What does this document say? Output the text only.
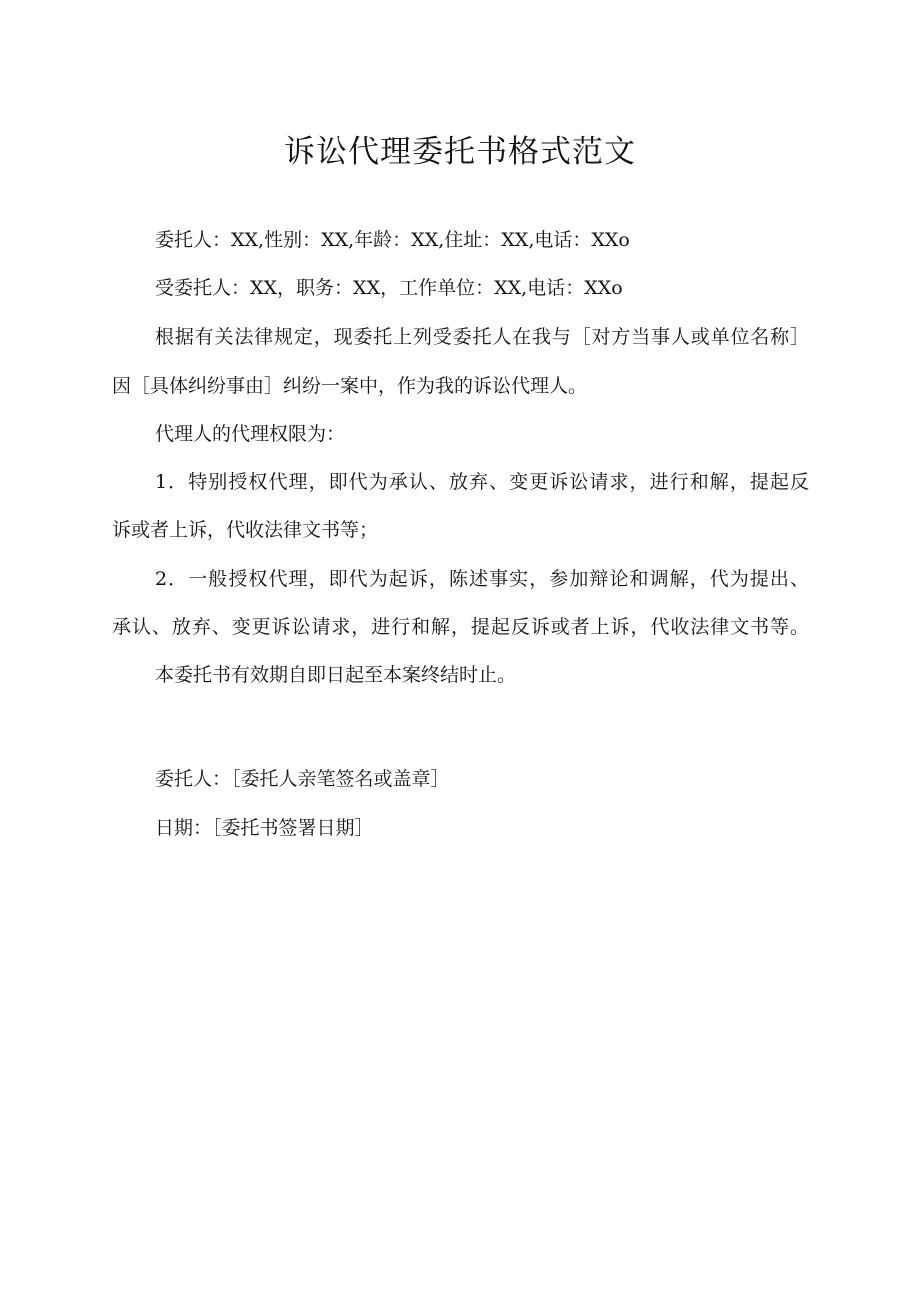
诉讼代理委托书格式范文

委托人：XX,性别：XX,年龄：XX,住址：XX,电话：XXo

受委托人：XX，职务：XX，工作单位：XX,电话：XXo

根据有关法律规定，现委托上列受委托人在我与［对方当事人或单位名称］

因［具体纠纷事由］纠纷一案中，作为我的诉讼代理人。

代理人的代理权限为：

1．特别授权代理，即代为承认、放弃、变更诉讼请求，进行和解，提起反

诉或者上诉，代收法律文书等；

2．一般授权代理，即代为起诉，陈述事实，参加辩论和调解，代为提出、

承认、放弃、变更诉讼请求，进行和解，提起反诉或者上诉，代收法律文书等。

本委托书有效期自即日起至本案终结时止。

委托人：［委托人亲笔签名或盖章］

日期：［委托书签署日期］
